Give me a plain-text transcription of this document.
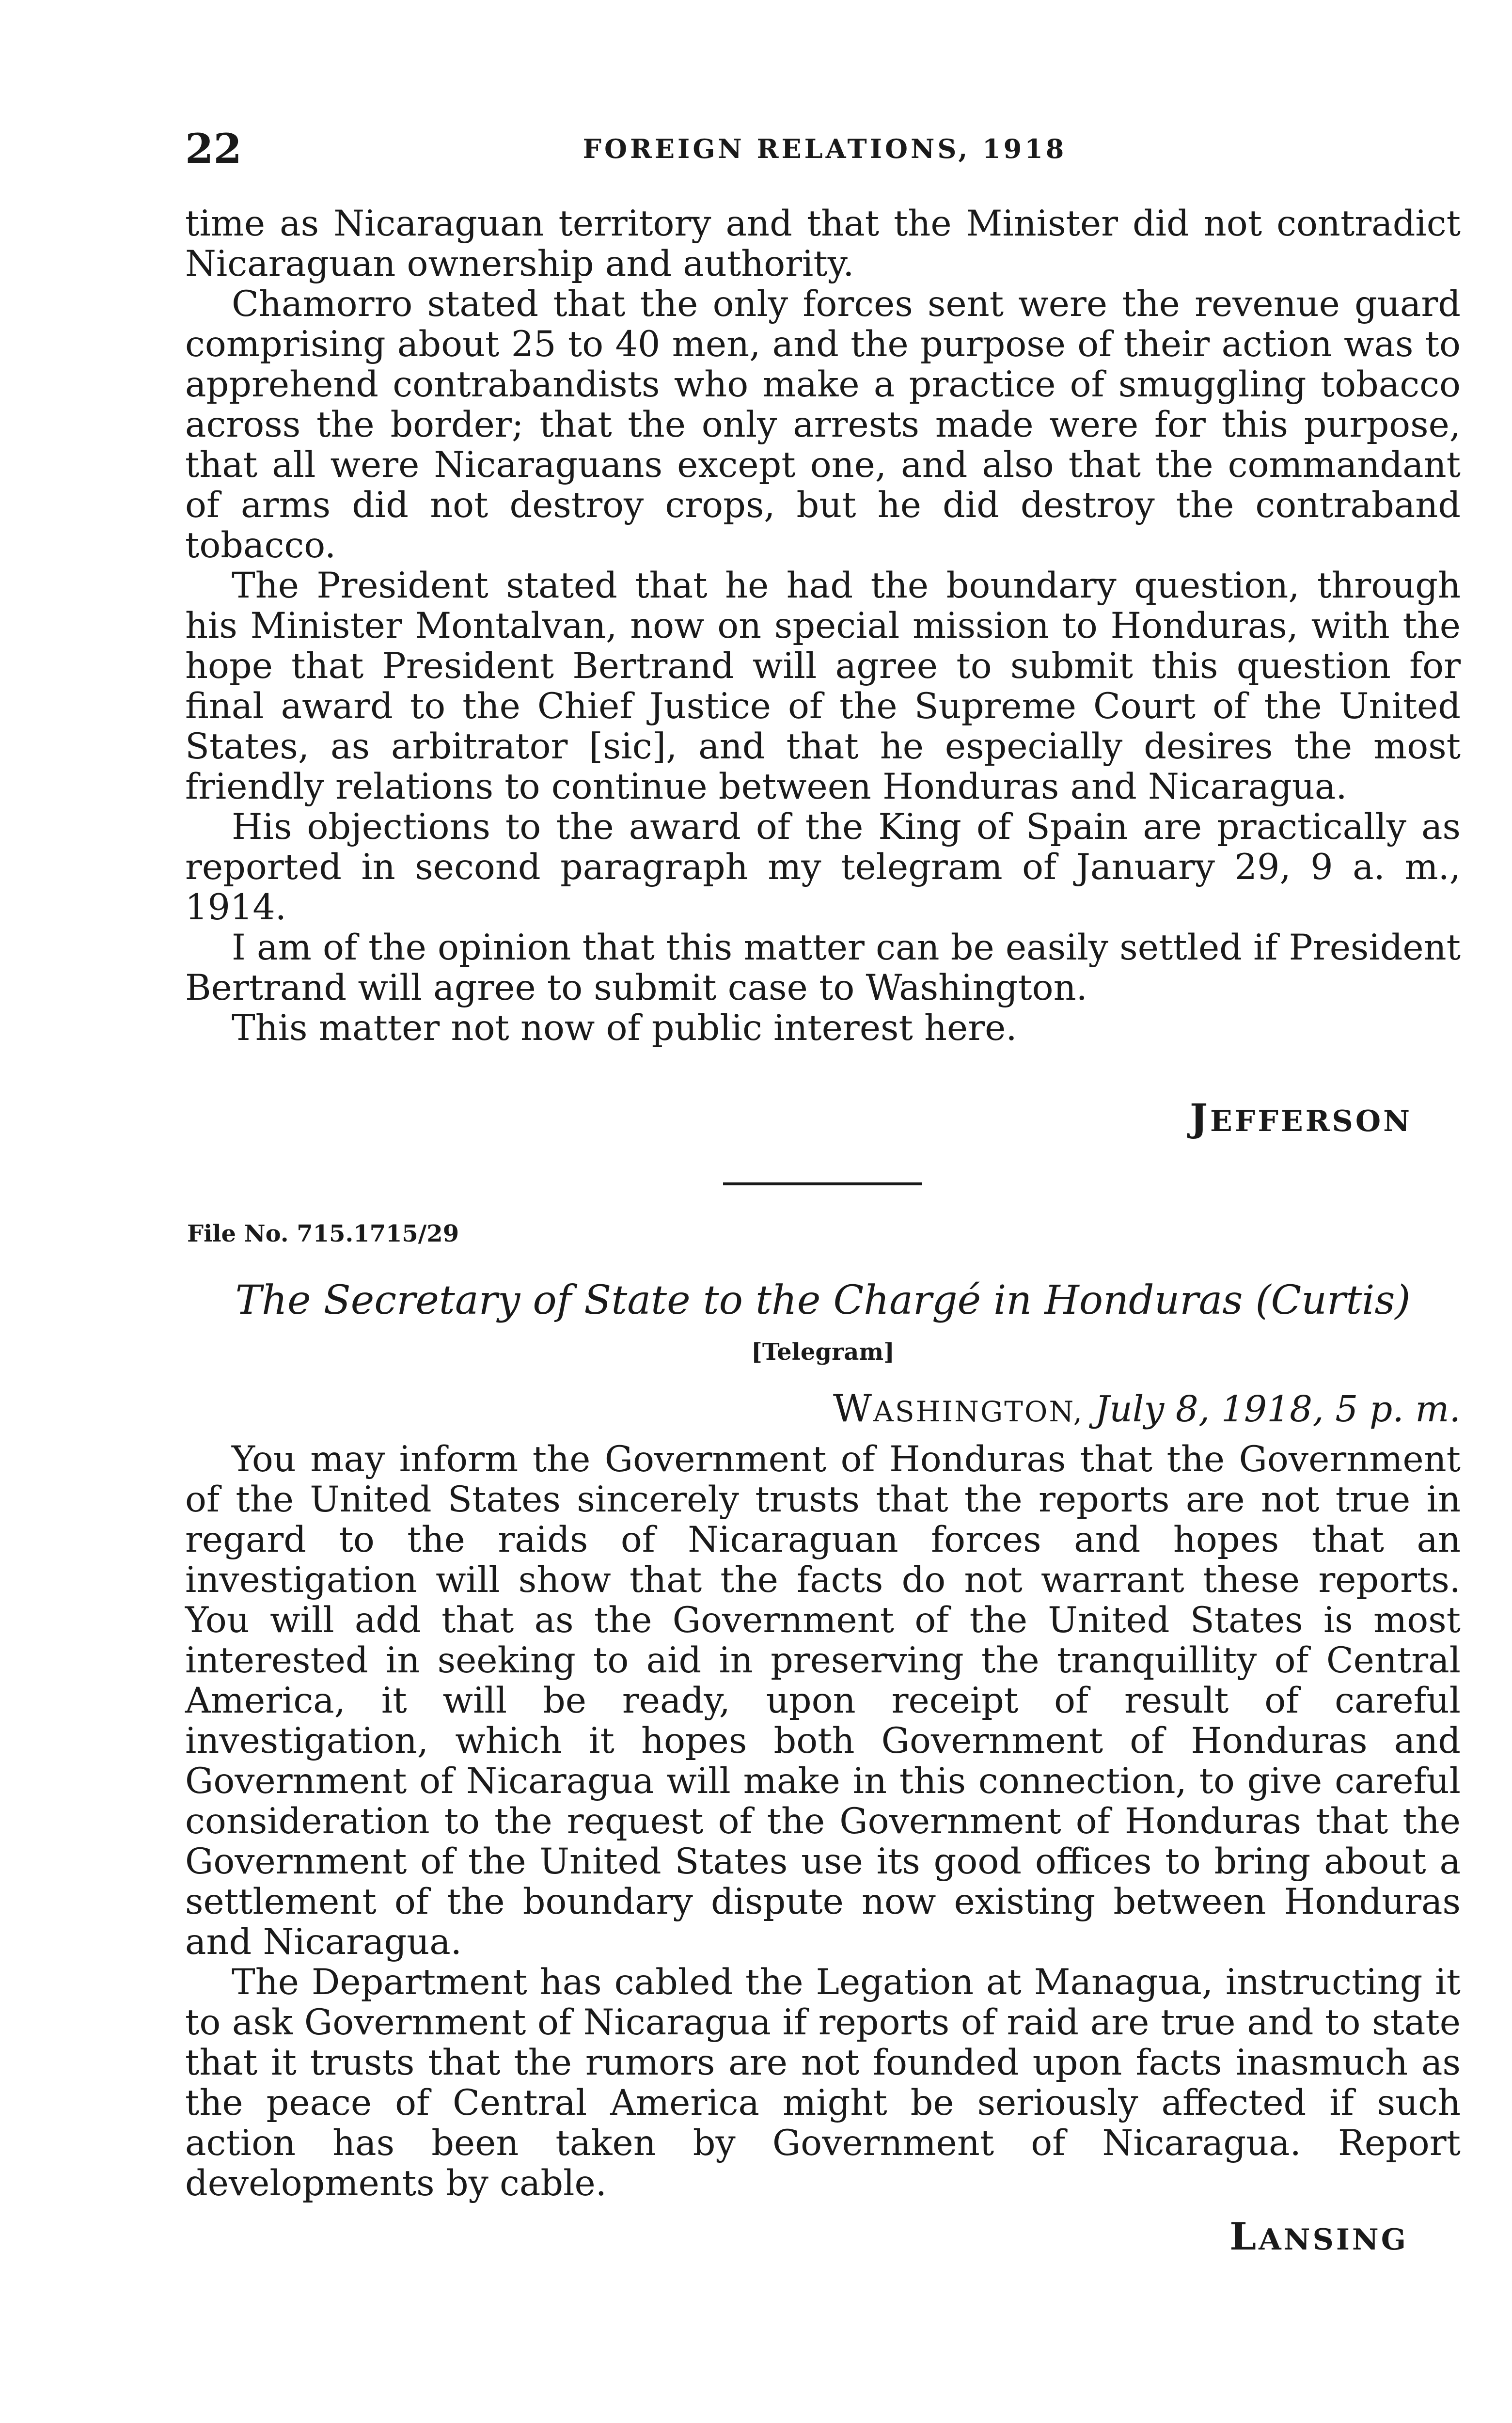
22	FOREIGN RELATIONS, 1918

time as Nicaraguan territory and that the Minister did not contradict Nicaraguan ownership and authority.

Chamorro stated that the only forces sent were the revenue guard comprising about 25 to 40 men, and the purpose of their action was to apprehend contrabandists who make a practice of smuggling tobacco across the border; that the only arrests made were for this purpose, that all were Nicaraguans except one, and also that the commandant of arms did not destroy crops, but he did destroy the contraband tobacco.

The President stated that he had the boundary question, through his Minister Montalvan, now on special mission to Honduras, with the hope that President Bertrand will agree to submit this question for final award to the Chief Justice of the Supreme Court of the United States, as arbitrator [sic], and that he especially desires the most friendly relations to continue between Honduras and Nicaragua.

His objections to the award of the King of Spain are practically as reported in second paragraph my telegram of January 29, 9 a. m., 1914.

I am of the opinion that this matter can be easily settled if President Bertrand will agree to submit case to Washington.

This matter not now of public interest here.

JEFFERSON
File No. 715.1715/29
The Secretary of State to the Chargé in Honduras (Curtis)
[Telegram]
WASHINGTON, July 8, 1918, 5 p. m.

You may inform the Government of Honduras that the Government of the United States sincerely trusts that the reports are not true in regard to the raids of Nicaraguan forces and hopes that an investigation will show that the facts do not warrant these reports. You will add that as the Government of the United States is most interested in seeking to aid in preserving the tranquillity of Central America, it will be ready, upon receipt of result of careful investigation, which it hopes both Government of Honduras and Government of Nicaragua will make in this connection, to give careful consideration to the request of the Government of Honduras that the Government of the United States use its good offices to bring about a settlement of the boundary dispute now existing between Honduras and Nicaragua.

The Department has cabled the Legation at Managua, instructing it to ask Government of Nicaragua if reports of raid are true and to state that it trusts that the rumors are not founded upon facts inasmuch as the peace of Central America might be seriously affected if such action has been taken by Government of Nicaragua. Report developments by cable.

LANSING
